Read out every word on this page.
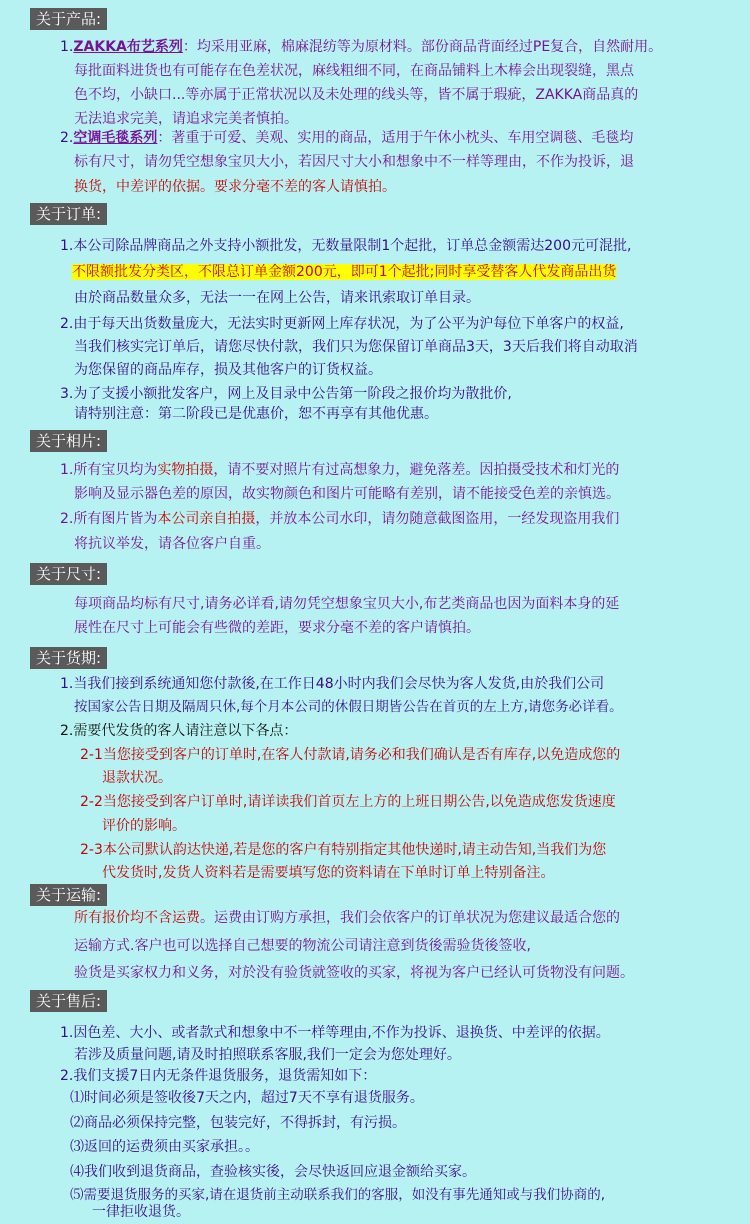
关于产品:
1.ZAKKA布艺系列：均采用亚麻，棉麻混纺等为原材料。部份商品背面经过PE复合，自然耐用。
每批面料进货也有可能存在色差状况，麻线粗细不同，在商品铺料上木棒会出现裂缝，黑点
色不均，小缺口...等亦属于正常状况以及未处理的线头等，皆不属于瑕疵，ZAKKA商品真的
无法追求完美，请追求完美者慎拍。
2.空调毛毯系列：著重于可爱、美观、实用的商品，适用于午休小枕头、车用空调毯、毛毯均
标有尺寸，请勿凭空想象宝贝大小，若因尺寸大小和想象中不一样等理由，不作为投诉，退
换货，中差评的依据。要求分毫不差的客人请慎拍。
关于订单:
1.本公司除品牌商品之外支持小额批发，无数量限制1个起批，订单总金额需达200元可混批,
不限额批发分类区，不限总订单金额200元，即可1个起批;同时享受替客人代发商品出货
由於商品数量众多，无法一一在网上公告，请来讯索取订单目录。
2.由于每天出货数量庞大，无法实时更新网上库存状况，为了公平为沪每位下单客户的权益,
当我们核实完订单后，请您尽快付款，我们只为您保留订单商品3天，3天后我们将自动取消
为您保留的商品库存，损及其他客户的订货权益。
3.为了支援小额批发客户，网上及目录中公告第一阶段之报价均为散批价,
请特别注意：第二阶段已是优惠价，恕不再享有其他优惠。
关于相片:
1.所有宝贝均为实物拍摄，请不要对照片有过高想象力，避免落差。因拍摄受技术和灯光的
影响及显示器色差的原因，故实物颜色和图片可能略有差别，请不能接受色差的亲慎选。
2.所有图片皆为本公司亲自拍摄，并放本公司水印，请勿随意截图盗用，一经发现盗用我们
将抗议举发，请各位客户自重。
关于尺寸:
每项商品均标有尺寸,请务必详看,请勿凭空想象宝贝大小,布艺类商品也因为面料本身的延
展性在尺寸上可能会有些微的差距，要求分毫不差的客户请慎拍。
关于货期:
1.当我们接到系统通知您付款後,在工作日48小时内我们会尽快为客人发货,由於我们公司
按国家公告日期及隔周只休,每个月本公司的休假日期皆公告在首页的左上方,请您务必详看。
2.需要代发货的客人请注意以下各点：
2-1当您接受到客户的订单时,在客人付款请,请务必和我们确认是否有库存,以免造成您的
退款状况。
2-2当您接受到客户订单时,请详读我们首页左上方的上班日期公告,以免造成您发货速度
评价的影响。
2-3本公司默认韵达快递,若是您的客户有特别指定其他快递时,请主动告知,当我们为您
代发货时,发货人资料若是需要填写您的资料请在下单时订单上特别备注。
关于运输:
所有报价均不含运费。运费由订购方承担，我们会依客户的订单状况为您建议最适合您的
运输方式.客户也可以选择自己想要的物流公司请注意到货後需验货後签收,
验货是买家权力和义务，对於没有验货就签收的买家，将视为客户已经认可货物没有问题。
关于售后:
1.因色差、大小、或者款式和想象中不一样等理由,不作为投诉、退换货、中差评的依据。
若涉及质量问题,请及时拍照联系客服,我们一定会为您处理好。
2.我们支援7日内无条件退货服务，退货需知如下：
⑴时间必须是签收後7天之内，超过7天不享有退货服务。
⑵商品必须保持完整，包装完好，不得拆封，有污损。
⑶返回的运费须由买家承担。。
⑷我们收到退货商品，查验核实後，会尽快返回应退金额给买家。
⑸需要退货服务的买家,请在退货前主动联系我们的客服，如没有事先通知或与我们协商的,
一律拒收退货。
